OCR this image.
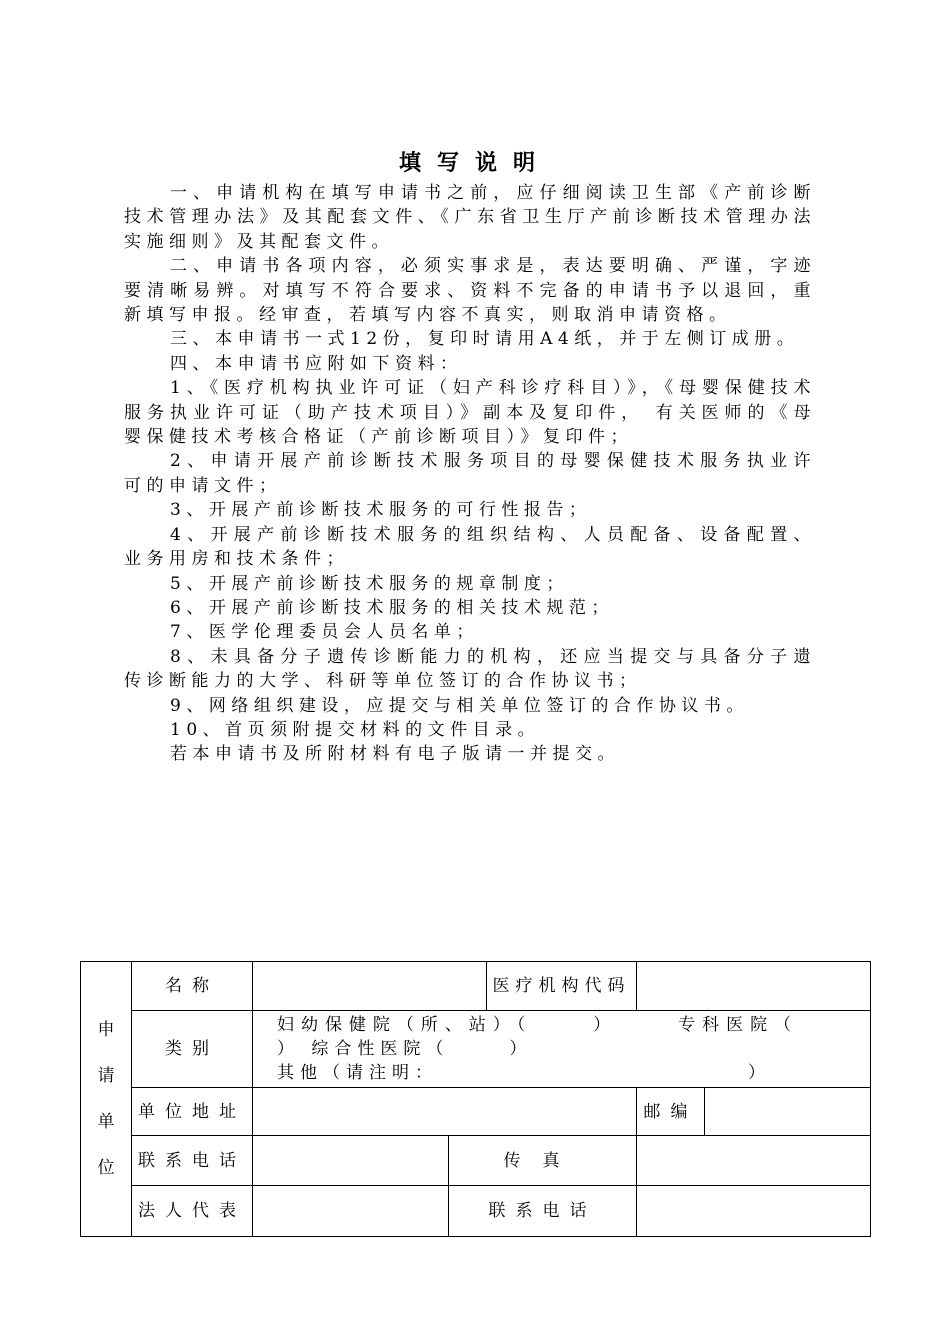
填写说明

一、申请机构在填写申请书之前，应仔细阅读卫生部《产前诊断技术管理办法》及其配套文件、《广东省卫生厅产前诊断技术管理办法实施细则》及其配套文件。

二、申请书各项内容，必须实事求是，表达要明确、严谨，字迹要清晰易辨。对填写不符合要求、资料不完备的申请书予以退回，重新填写申报。经审查，若填写内容不真实，则取消申请资格。

三、本申请书一式12份，复印时请用A4纸，并于左侧订成册。

四、本申请书应附如下资料：

1、《医疗机构执业许可证（妇产科诊疗科目）》，《母婴保健技术服务执业许可证（助产技术项目）》副本及复印件， 有关医师的《母婴保健技术考核合格证（产前诊断项目）》复印件；

2、申请开展产前诊断技术服务项目的母婴保健技术服务执业许可的申请文件；

3、开展产前诊断技术服务的可行性报告；

4、开展产前诊断技术服务的组织结构、人员配备、设备配置、业务用房和技术条件；

5、开展产前诊断技术服务的规章制度；

6、开展产前诊断技术服务的相关技术规范；

7、医学伦理委员会人员名单；

8、未具备分子遗传诊断能力的机构，还应当提交与具备分子遗传诊断能力的大学、科研等单位签订的合作协议书；

9、网络组织建设，应提交与相关单位签订的合作协议书。

10、首页须附提交材料的文件目录。

若本申请书及所附材料有电子版请一并提交。

申
请
单
位	名称			医疗机构代码		
	类别	妇幼保健院（所、站）（ ） 专科医院（） 综合性医院（ ）
其他（请注明： ）				
	单位地址				邮编	
	联系电话		传真			
	法人代表		联系电话			
